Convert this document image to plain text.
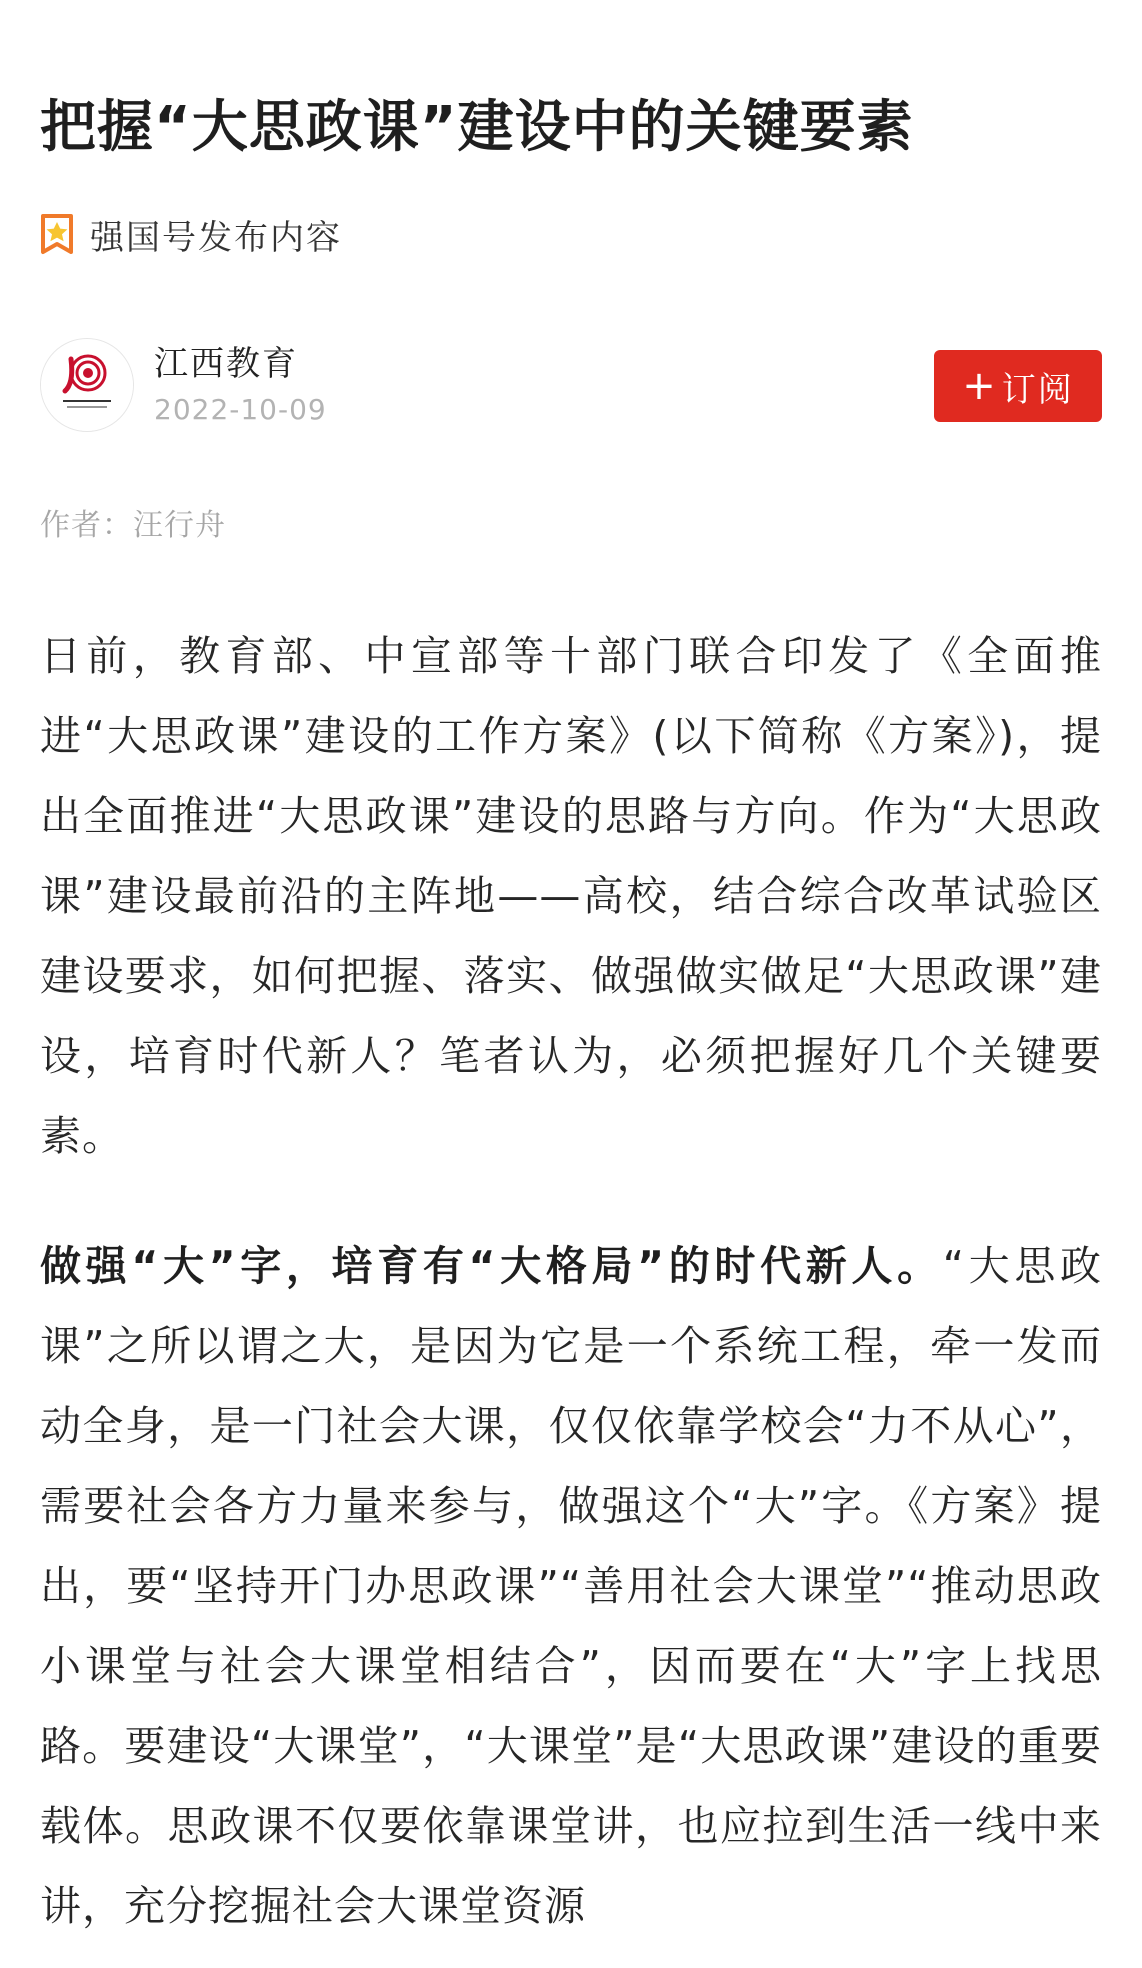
把握“大思政课”建设中的关键要素
强国号发布内容
江西教育
2022-10-09
+ 订阅
作者：汪行舟

日前，教育部、中宣部等十部门联合印发了《全面推进“大思政课”建设的工作方案》(以下简称《方案》)，提出全面推进“大思政课”建设的思路与方向。作为“大思政课”建设最前沿的主阵地——高校，结合综合改革试验区建设要求，如何把握、落实、做强做实做足“大思政课”建设，培育时代新人？笔者认为，必须把握好几个关键要素。

做强“大”字，培育有“大格局”的时代新人。“大思政课”之所以谓之大，是因为它是一个系统工程，牵一发而动全身，是一门社会大课，仅仅依靠学校会“力不从心”，需要社会各方力量来参与，做强这个“大”字。《方案》提出，要“坚持开门办思政课”“善用社会大课堂”“推动思政小课堂与社会大课堂相结合”，因而要在“大”字上找思路。要建设“大课堂”，“大课堂”是“大思政课”建设的重要载体。思政课不仅要依靠课堂讲，也应拉到生活一线中来讲，充分挖掘社会大课堂资源
